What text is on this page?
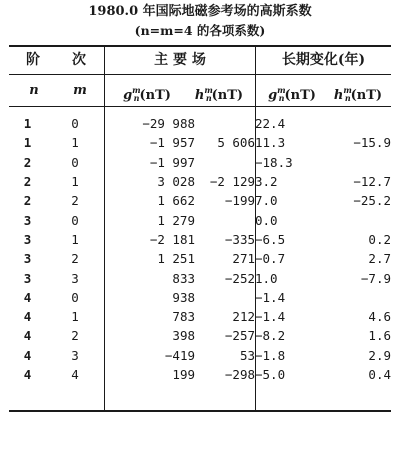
1980.0 年国际地磁参考场的高斯系数
(n=m=4 的各项系数)
阶 次	主 要 场	长期变化(年)
n	m	$g^m_n(nT)$	$h^m_n(nT)$	$g^m_n(nT)$	$h^m_n(nT)$
1	0	−29 988		22.4	
1	1	−1 957	5 606	11.3	−15.9
2	0	−1 997		−18.3	
2	1	3 028	−2 129	3.2	−12.7
2	2	1 662	−199	7.0	−25.2
3	0	1 279		0.0	
3	1	−2 181	−335	−6.5	0.2
3	2	1 251	271	−0.7	2.7
3	3	833	−252	1.0	−7.9
4	0	938		−1.4	
4	1	783	212	−1.4	4.6
4	2	398	−257	−8.2	1.6
4	3	−419	53	−1.8	2.9
4	4	199	−298	−5.0	0.4
